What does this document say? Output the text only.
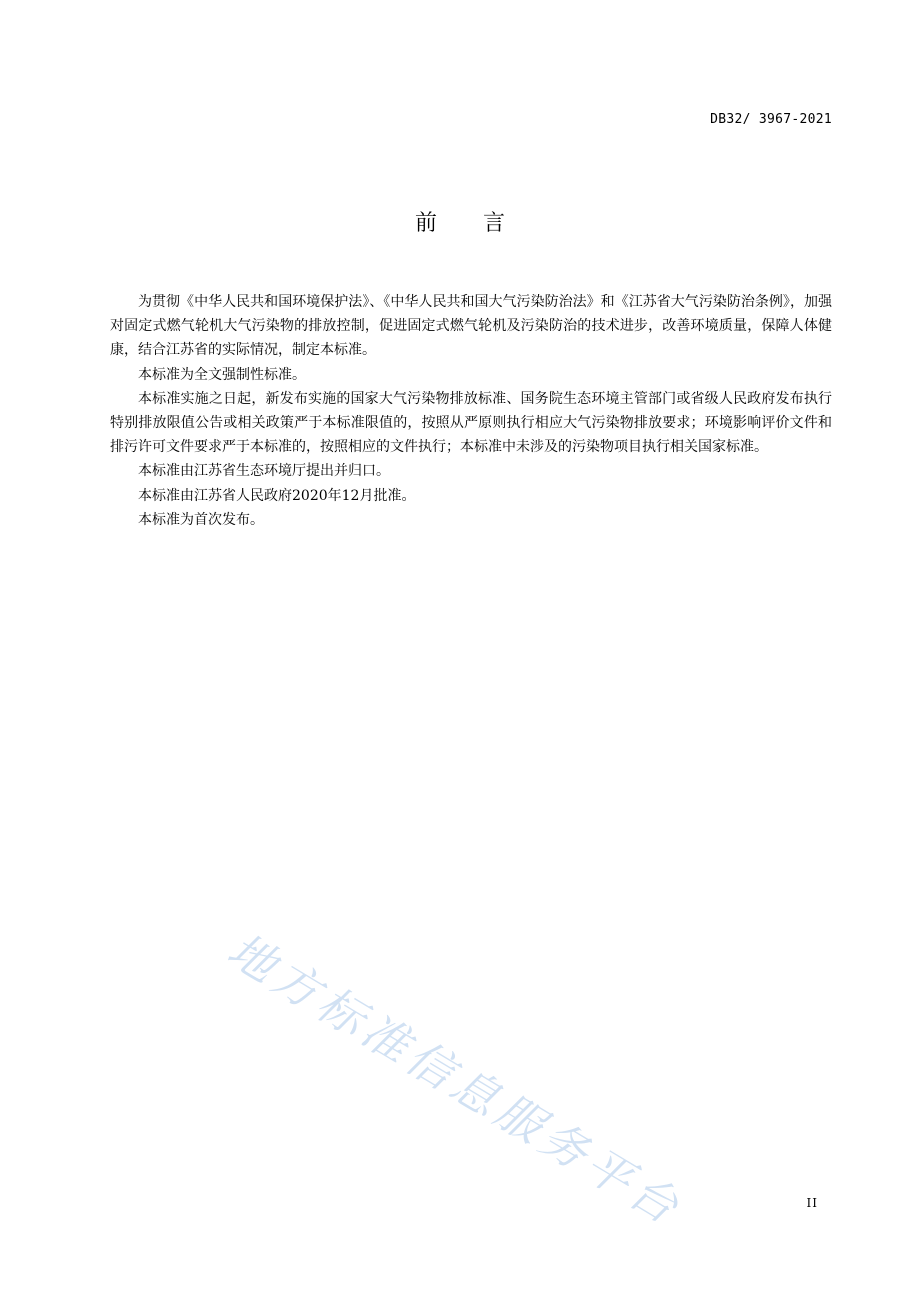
DB32/ 3967-2021
前 言

为贯彻《中华人民共和国环境保护法》、《中华人民共和国大气污染防治法》和《江苏省大气污染防治条例》，加强对固定式燃气轮机大气污染物的排放控制，促进固定式燃气轮机及污染防治的技术进步，改善环境质量，保障人体健康，结合江苏省的实际情况，制定本标准。

本标准为全文强制性标准。

本标准实施之日起，新发布实施的国家大气污染物排放标准、国务院生态环境主管部门或省级人民政府发布执行特别排放限值公告或相关政策严于本标准限值的，按照从严原则执行相应大气污染物排放要求；环境影响评价文件和排污许可文件要求严于本标准的，按照相应的文件执行；本标准中未涉及的污染物项目执行相关国家标准。

本标准由江苏省生态环境厅提出并归口。

本标准由江苏省人民政府2020年12月批准。

本标准为首次发布。

地方标准信息服务平台	II
